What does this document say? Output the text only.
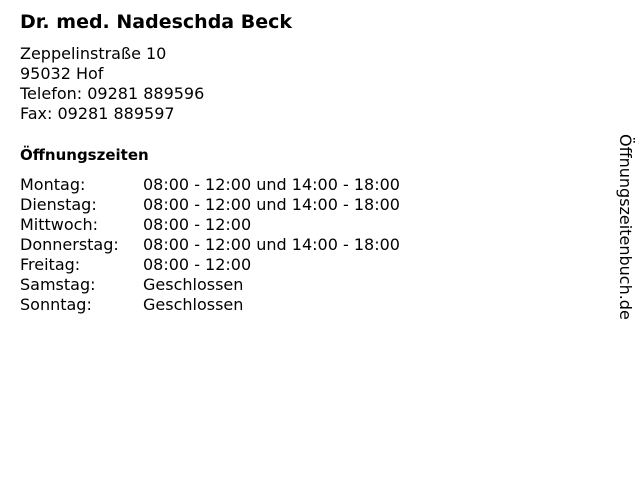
Dr. med. Nadeschda Beck
Zeppelinstraße 10
95032 Hof
Telefon: 09281 889596
Fax: 09281 889597
Öffnungszeiten
Montag:	08:00 - 12:00 und 14:00 - 18:00
Dienstag:	08:00 - 12:00 und 14:00 - 18:00
Mittwoch:	08:00 - 12:00
Donnerstag:	08:00 - 12:00 und 14:00 - 18:00
Freitag:	08:00 - 12:00
Samstag:	Geschlossen
Sonntag:	Geschlossen	Öffnungszeitenbuch.de
